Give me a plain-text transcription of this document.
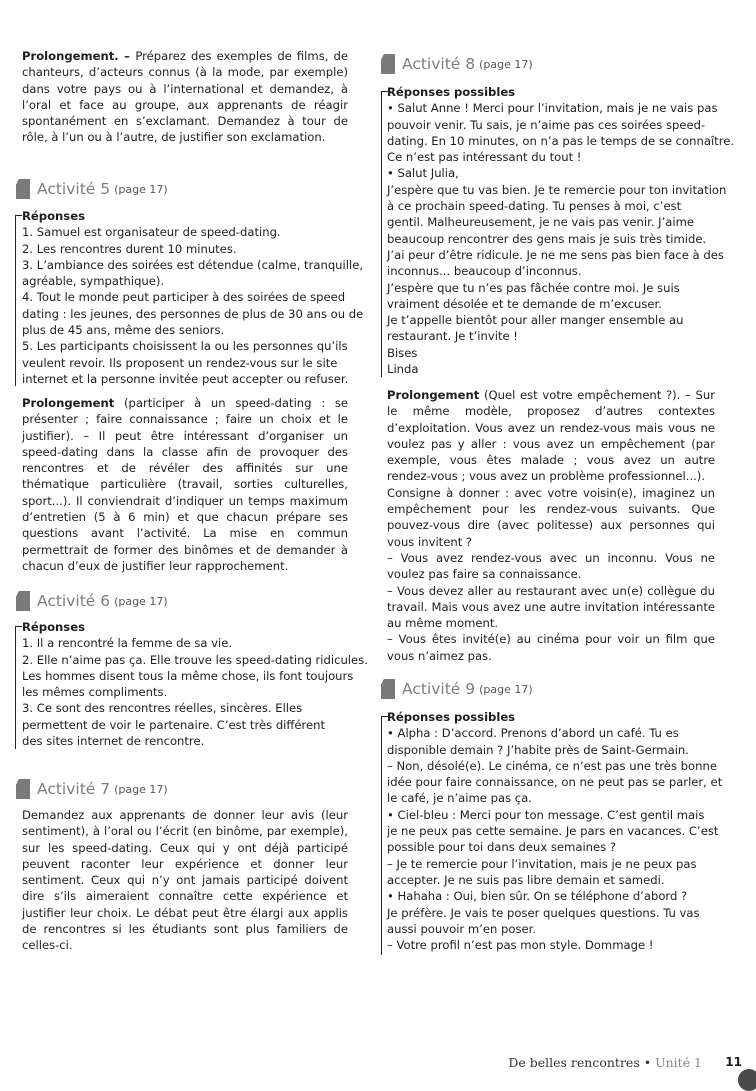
Prolongement. – Préparez des exemples de films, de chanteurs, d’acteurs connus (à la mode, par exemple) dans votre pays ou à l’international et demandez, à l’oral et face au groupe, aux apprenants de réagir spontanément en s’exclamant. Demandez à tour de rôle, à l’un ou à l’autre, de justifier son exclamation.

Activité 5 (page 17)

Réponses

1. Samuel est organisateur de speed-dating.

2. Les rencontres durent 10 minutes.

3. L’ambiance des soirées est détendue (calme, tranquille,

agréable, sympathique).

4. Tout le monde peut participer à des soirées de speed

dating : les jeunes, des personnes de plus de 30 ans ou de

plus de 45 ans, même des seniors.

5. Les participants choisissent la ou les personnes qu’ils

veulent revoir. Ils proposent un rendez-vous sur le site

internet et la personne invitée peut accepter ou refuser.

Prolongement (participer à un speed-dating : se présenter ; faire connaissance ; faire un choix et le justifier). – Il peut être intéressant d’organiser un speed-dating dans la classe afin de provoquer des rencontres et de révéler des affinités sur une thématique particulière (travail, sorties culturelles, sport...). Il conviendrait d’indiquer un temps maximum d’entretien (5 à 6 min) et que chacun prépare ses questions avant l’activité. La mise en commun permettrait de former des binômes et de demander à chacun d’eux de justifier leur rapprochement.

Activité 6 (page 17)

Réponses

1. Il a rencontré la femme de sa vie.

2. Elle n’aime pas ça. Elle trouve les speed-dating ridicules.

Les hommes disent tous la même chose, ils font toujours

les mêmes compliments.

3. Ce sont des rencontres réelles, sincères. Elles

permettent de voir le partenaire. C’est très différent

des sites internet de rencontre.

Activité 7 (page 17)

Demandez aux apprenants de donner leur avis (leur sentiment), à l’oral ou l’écrit (en binôme, par exemple), sur les speed-dating. Ceux qui y ont déjà participé peuvent raconter leur expérience et donner leur sentiment. Ceux qui n’y ont jamais participé doivent dire s’ils aimeraient connaître cette expérience et justifier leur choix. Le débat peut être élargi aux applis de rencontres si les étudiants sont plus familiers de celles-ci.

Activité 8 (page 17)

Réponses possibles

• Salut Anne ! Merci pour l’invitation, mais je ne vais pas

pouvoir venir. Tu sais, je n’aime pas ces soirées speed-

dating. En 10 minutes, on n’a pas le temps de se connaître.

Ce n’est pas intéressant du tout !

• Salut Julia,

J’espère que tu vas bien. Je te remercie pour ton invitation

à ce prochain speed-dating. Tu penses à moi, c’est

gentil. Malheureusement, je ne vais pas venir. J’aime

beaucoup rencontrer des gens mais je suis très timide.

J’ai peur d’être ridicule. Je ne me sens pas bien face à des

inconnus... beaucoup d’inconnus.

J’espère que tu n’es pas fâchée contre moi. Je suis

vraiment désolée et te demande de m’excuser.

Je t’appelle bientôt pour aller manger ensemble au

restaurant. Je t’invite !

Bises

Linda

Prolongement (Quel est votre empêchement ?). – Sur le même modèle, proposez d’autres contextes d’exploitation. Vous avez un rendez-vous mais vous ne voulez pas y aller : vous avez un empêchement (par exemple, vous êtes malade ; vous avez un autre rendez-vous ; vous avez un problème professionnel...).

Consigne à donner : avec votre voisin(e), imaginez un empêchement pour les rendez-vous suivants. Que pouvez-vous dire (avec politesse) aux personnes qui vous invitent ?

– Vous avez rendez-vous avec un inconnu. Vous ne voulez pas faire sa connaissance.

– Vous devez aller au restaurant avec un(e) collègue du travail. Mais vous avez une autre invitation intéressante au même moment.

– Vous êtes invité(e) au cinéma pour voir un film que vous n’aimez pas.

Activité 9 (page 17)

Réponses possibles

• Alpha : D’accord. Prenons d’abord un café. Tu es

disponible demain ? J’habite près de Saint-Germain.

– Non, désolé(e). Le cinéma, ce n’est pas une très bonne

idée pour faire connaissance, on ne peut pas se parler, et

le café, je n’aime pas ça.

• Ciel-bleu : Merci pour ton message. C’est gentil mais

je ne peux pas cette semaine. Je pars en vacances. C’est

possible pour toi dans deux semaines ?

– Je te remercie pour l’invitation, mais je ne peux pas

accepter. Je ne suis pas libre demain et samedi.

• Hahaha : Oui, bien sûr. On se téléphone d’abord ?

Je préfère. Je vais te poser quelques questions. Tu vas

aussi pouvoir m’en poser.

– Votre profil n’est pas mon style. Dommage !

De belles rencontres • Unité 1 11
